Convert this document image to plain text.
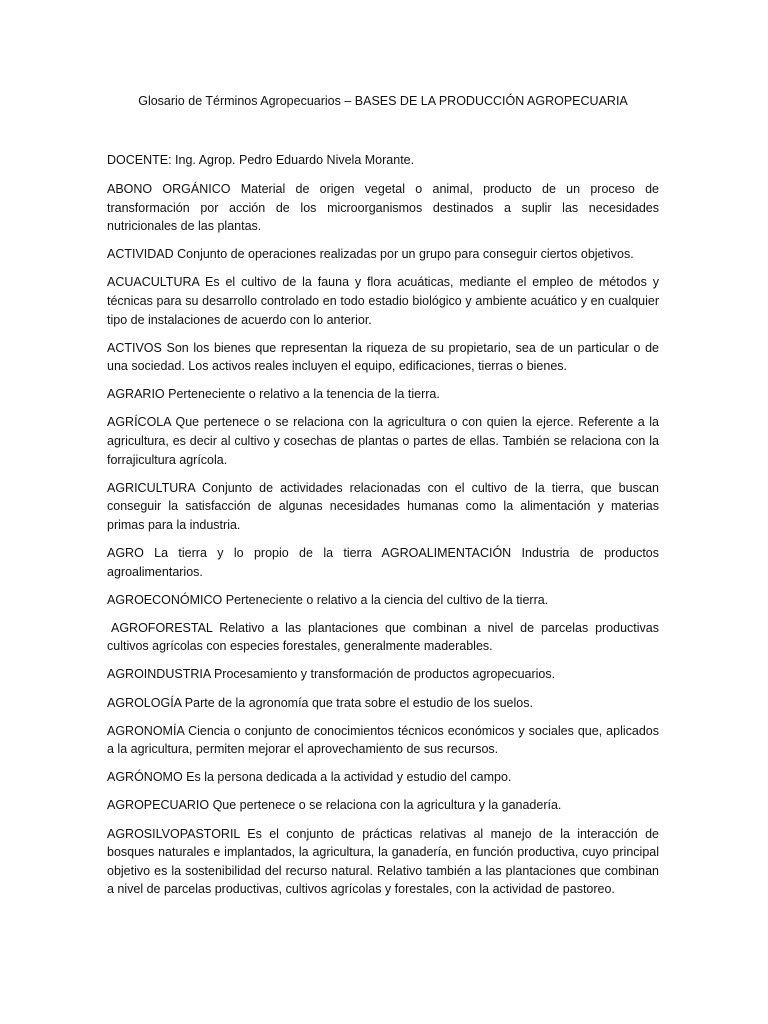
Glosario de Términos Agropecuarios – BASES DE LA PRODUCCIÓN AGROPECUARIA

DOCENTE: Ing. Agrop. Pedro Eduardo Nivela Morante.

ABONO ORGÁNICO Material de origen vegetal o animal, producto de un proceso de transformación por acción de los microorganismos destinados a suplir las necesidades nutricionales de las plantas.

ACTIVIDAD Conjunto de operaciones realizadas por un grupo para conseguir ciertos objetivos.

ACUACULTURA Es el cultivo de la fauna y flora acuáticas, mediante el empleo de métodos y técnicas para su desarrollo controlado en todo estadio biológico y ambiente acuático y en cualquier tipo de instalaciones de acuerdo con lo anterior.

ACTIVOS Son los bienes que representan la riqueza de su propietario, sea de un particular o de una sociedad. Los activos reales incluyen el equipo, edificaciones, tierras o bienes.

AGRARIO Perteneciente o relativo a la tenencia de la tierra.

AGRÍCOLA Que pertenece o se relaciona con la agricultura o con quien la ejerce. Referente a la agricultura, es decir al cultivo y cosechas de plantas o partes de ellas. También se relaciona con la forrajicultura agrícola.

AGRICULTURA Conjunto de actividades relacionadas con el cultivo de la tierra, que buscan conseguir la satisfacción de algunas necesidades humanas como la alimentación y materias primas para la industria.

AGRO La tierra y lo propio de la tierra AGROALIMENTACIÓN Industria de productos agroalimentarios.

AGROECONÓMICO Perteneciente o relativo a la ciencia del cultivo de la tierra.

AGROFORESTAL Relativo a las plantaciones que combinan a nivel de parcelas productivas cultivos agrícolas con especies forestales, generalmente maderables.

AGROINDUSTRIA Procesamiento y transformación de productos agropecuarios.

AGROLOGÍA Parte de la agronomía que trata sobre el estudio de los suelos.

AGRONOMÍA Ciencia o conjunto de conocimientos técnicos económicos y sociales que, aplicados a la agricultura, permiten mejorar el aprovechamiento de sus recursos.

AGRÓNOMO Es la persona dedicada a la actividad y estudio del campo.

AGROPECUARIO Que pertenece o se relaciona con la agricultura y la ganadería.

AGROSILVOPASTORIL Es el conjunto de prácticas relativas al manejo de la interacción de bosques naturales e implantados, la agricultura, la ganadería, en función productiva, cuyo principal objetivo es la sostenibilidad del recurso natural. Relativo también a las plantaciones que combinan a nivel de parcelas productivas, cultivos agrícolas y forestales, con la actividad de pastoreo.
